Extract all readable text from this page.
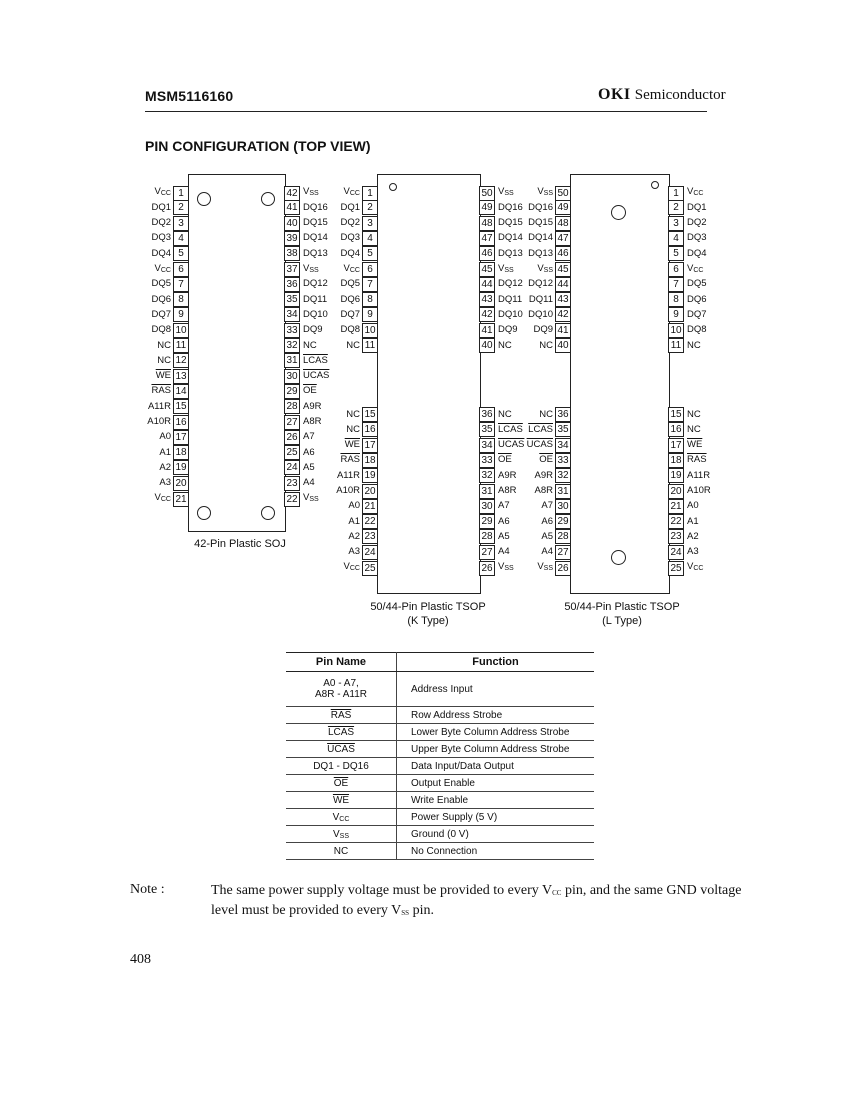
MSM5116160	OKI Semiconductor
PIN CONFIGURATION (TOP VIEW)
$V_{CC}$ 1
DQ1 2
DQ2 3
DQ3 4
DQ4 5
$V_{CC}$ 6
DQ5 7
DQ6 8
DQ7 9
DQ8 10
NC 11
NC 12
$\overline{WE}$ 13
$\overline{RAS}$ 14
A11R 15
A10R 16
A0 17
A1 18
A2 19
A3 20
$V_{CC}$ 21
42 $V_{SS}$
41 DQ16
40 DQ15
39 DQ14
38 DQ13
37 $V_{SS}$
36 DQ12
35 DQ11
34 DQ10
33 DQ9
32 NC
31 LCAS
30 UCAS
29 $\overline{OE}$
28 A9R
27 A8R
26 A7
25 A6
24 A5
23 A4
22 $V_{SS}$
42-Pin Plastic SOJ
$V_{CC}$ 1
DQ1 2
DQ2 3
DQ3 4
DQ4 5
$V_{CC}$ 6
DQ5 7
DQ6 8
DQ7 9
DQ8 10
NC 11
NC 15
NC 16
$\overline{WE}$ 17
$\overline{RAS}$ 18
A11R 19
A10R 20
A0 21
A1 22
A2 23
A3 24
$V_{CC}$ 25
50 $V_{SS}$
49 DQ16
48 DQ15
47 DQ14
46 DQ13
45 $V_{SS}$
44 DQ12
43 DQ11
42 DQ10
41 DQ9
40 NC
36 NC
35 LCAS
34 UCAS
33 $\overline{OE}$
32 A9R
31 A8R
30 A7
29 A6
28 A5
27 A4
26 $V_{SS}$
50/44-Pin Plastic TSOP
(K Type)
$V_{SS}$ 50
DQ16 49
DQ15 48
DQ14 47
DQ13 46
$V_{SS}$ 45
DQ12 44
DQ11 43
DQ10 42
DQ9 41
NC 40
NC 36
LCAS 35
UCAS 34
$\overline{OE}$ 33
A9R 32
A8R 31
A7 30
A6 29
A5 28
A4 27
$V_{SS}$ 26
1 $V_{CC}$
2 DQ1
3 DQ2
4 DQ3
5 DQ4
6 $V_{CC}$
7 DQ5
8 DQ6
9 DQ7
10 DQ8
11 NC
15 NC
16 NC
17 $\overline{WE}$
18 $\overline{RAS}$
19 A11R
20 A10R
21 A0
22 A1
23 A2
24 A3
25 $V_{CC}$
50/44-Pin Plastic TSOP
(L Type)
Pin Name	Function
A0 - A7,
A8R - A11R	Address Input
$\overline{RAS}$	Row Address Strobe
LCAS	Lower Byte Column Address Strobe
UCAS	Upper Byte Column Address Strobe
DQ1 - DQ16	Data Input/Data Output
$\overline{OE}$	Output Enable
$\overline{WE}$	Write Enable
$V_{CC}$	Power Supply (5 V)
$V_{SS}$	Ground (0 V)
NC	No Connection
Note :	The same power supply voltage must be provided to every $V_{CC}$ pin, and the same GND voltage level must be provided to every $V_{SS}$ pin.
408
